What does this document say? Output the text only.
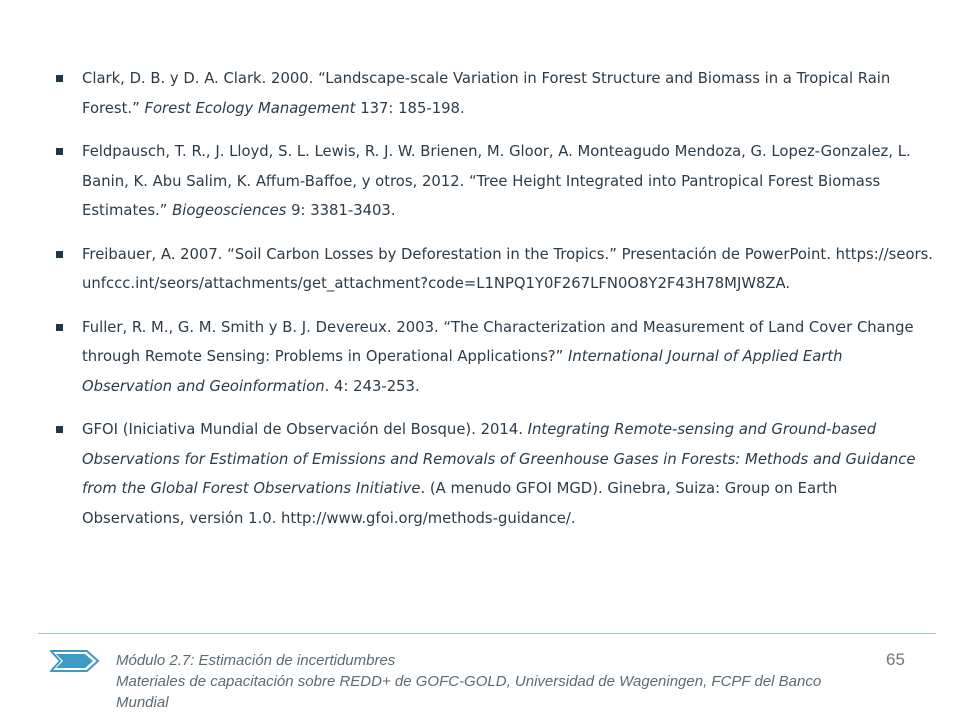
Clark, D. B. y D. A. Clark. 2000. “Landscape-scale Variation in Forest Structure and Biomass in a Tropical Rain Forest.” Forest Ecology Management 137: 185-198.
Feldpausch, T. R., J. Lloyd, S. L. Lewis, R. J. W. Brienen, M. Gloor, A. Monteagudo Mendoza, G. Lopez-Gonzalez, L. Banin, K. Abu Salim, K. Affum-Baffoe, y otros, 2012. “Tree Height Integrated into Pantropical Forest Biomass Estimates.” Biogeosciences 9: 3381-3403.
Freibauer, A. 2007. “Soil Carbon Losses by Deforestation in the Tropics.” Presentación de PowerPoint. https://seors.unfccc.int/seors/attachments/get_attachment?code=L1NPQ1Y0F267LFN0O8Y2F43H78MJW8ZA.
Fuller, R. M., G. M. Smith y B. J. Devereux. 2003. “The Characterization and Measurement of Land Cover Change through Remote Sensing: Problems in Operational Applications?” International Journal of Applied Earth Observation and Geoinformation. 4: 243-253.
GFOI (Iniciativa Mundial de Observación del Bosque). 2014. Integrating Remote-sensing and Ground-based Observations for Estimation of Emissions and Removals of Greenhouse Gases in Forests: Methods and Guidance from the Global Forest Observations Initiative. (A menudo GFOI MGD). Ginebra, Suiza: Group on Earth Observations, versión 1.0. http://www.gfoi.org/methods-guidance/.
Módulo 2.7: Estimación de incertidumbres
Materiales de capacitación sobre REDD+ de GOFC-GOLD, Universidad de Wageningen, FCPF del Banco Mundial
65
